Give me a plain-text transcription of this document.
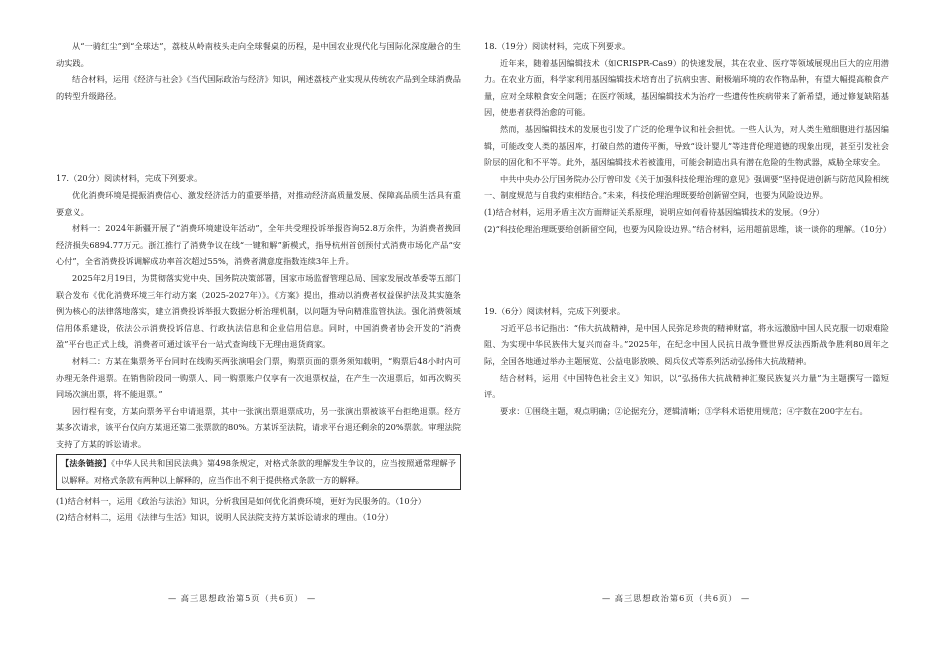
从“一骑红尘”到“全球达”，荔枝从岭南枝头走向全球餐桌的历程，是中国农业现代化与国际化深度融合的生动实践。

结合材料，运用《经济与社会》《当代国际政治与经济》知识，阐述荔枝产业实现从传统农产品到全球消费品的转型升级路径。

17.（20分）阅读材料，完成下列要求。

优化消费环境是提振消费信心、激发经济活力的重要举措，对推动经济高质量发展、保障高品质生活具有重要意义。

材料一：2024年新疆开展了“消费环境建设年活动”，全年共受理投诉举报咨询52.8万余件，为消费者挽回经济损失6894.77万元。浙江推行了消费争议在线“一键和解”新模式，指导杭州首创预付式消费市场化产品“安心付”，全省消费投诉调解成功率首次超过55%，消费者满意度指数连续3年上升。

2025年2月19日，为贯彻落实党中央、国务院决策部署，国家市场监督管理总局、国家发展改革委等五部门联合发布《优化消费环境三年行动方案（2025-2027年）》。《方案》提出，推动以消费者权益保护法及其实施条例为核心的法律落地落实，建立消费投诉举报大数据分析治理机制，以问题为导向精准监管执法。强化消费领域信用体系建设，依法公示消费投诉信息、行政执法信息和企业信用信息。同时，中国消费者协会开发的“消费盈”平台也正式上线，消费者可通过该平台一站式查询线下无理由退货商家。

材料二：方某在集票务平台同时在线购买两张演唱会门票，购票页面的票务须知载明，“购票后48小时内可办理无条件退票。在销售阶段同一购票人、同一购票账户仅享有一次退票权益，在产生一次退票后，如再次购买同场次演出票，将不能退票。”

因行程有变，方某向票务平台申请退票，其中一张演出票退票成功，另一张演出票被该平台拒绝退票。经方某多次请求，该平台仅向方某退还第二张票款的80%。方某诉至法院，请求平台退还剩余的20%票款。审理法院支持了方某的诉讼请求。

【法条链接】《中华人民共和国民法典》第498条规定，对格式条款的理解发生争议的，应当按照通常理解予以解释。对格式条款有两种以上解释的，应当作出不利于提供格式条款一方的解释。

(1)结合材料一，运用《政治与法治》知识，分析我国是如何优化消费环境，更好为民服务的。（10分）

(2)结合材料二，运用《法律与生活》知识，说明人民法院支持方某诉讼请求的理由。（10分）

18.（19分）阅读材料，完成下列要求。

近年来，随着基因编辑技术（如CRISPR-Cas9）的快速发展，其在农业、医疗等领域展现出巨大的应用潜力。在农业方面，科学家利用基因编辑技术培育出了抗病虫害、耐极端环境的农作物品种，有望大幅提高粮食产量，应对全球粮食安全问题；在医疗领域，基因编辑技术为治疗一些遗传性疾病带来了新希望，通过修复缺陷基因，使患者获得治愈的可能。

然而，基因编辑技术的发展也引发了广泛的伦理争议和社会担忧。一些人认为，对人类生殖细胞进行基因编辑，可能改变人类的基因库，打破自然的遗传平衡，导致“设计婴儿”等违背伦理道德的现象出现，甚至引发社会阶层的固化和不平等。此外，基因编辑技术若被滥用，可能会制造出具有潜在危险的生物武器，威胁全球安全。

中共中央办公厅国务院办公厅曾印发《关于加强科技伦理治理的意见》强调要“坚持促进创新与防范风险相统一、制度规范与自我约束相结合。”未来，科技伦理治理既要给创新留空间，也要为风险设边界。

(1)结合材料，运用矛盾主次方面辩证关系原理，说明应如何看待基因编辑技术的发展。（9分）

(2)“科技伦理治理既要给创新留空间，也要为风险设边界。”结合材料，运用超前思维，谈一谈你的理解。（10分）

19.（6分）阅读材料，完成下列要求。

习近平总书记指出：“伟大抗战精神，是中国人民弥足珍贵的精神财富，将永远激励中国人民克服一切艰难险阻、为实现中华民族伟大复兴而奋斗。”2025年，在纪念中国人民抗日战争暨世界反法西斯战争胜利80周年之际，全国各地通过举办主题展览、公益电影放映、阅兵仪式等系列活动弘扬伟大抗战精神。

结合材料，运用《中国特色社会主义》知识，以“弘扬伟大抗战精神汇聚民族复兴力量”为主题撰写一篇短评。

要求：①围绕主题，观点明确；②论据充分，逻辑清晰；③学科术语使用规范；④字数在200字左右。

— 高三思想政治第5页（共6页） —	— 高三思想政治第6页（共6页） —
